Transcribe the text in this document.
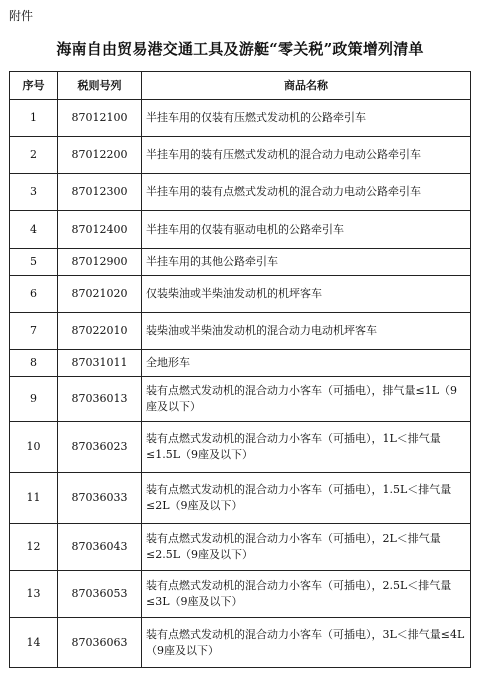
附件
海南自由贸易港交通工具及游艇“零关税”政策增列清单
序号	税则号列	商品名称
1	87012100	半挂车用的仅装有压燃式发动机的公路牵引车
2	87012200	半挂车用的装有压燃式发动机的混合动力电动公路牵引车
3	87012300	半挂车用的装有点燃式发动机的混合动力电动公路牵引车
4	87012400	半挂车用的仅装有驱动电机的公路牵引车
5	87012900	半挂车用的其他公路牵引车
6	87021020	仅装柴油或半柴油发动机的机坪客车
7	87022010	装柴油或半柴油发动机的混合动力电动机坪客车
8	87031011	全地形车
9	87036013	装有点燃式发动机的混合动力小客车（可插电），排气量≤1L（9座及以下）
10	87036023	装有点燃式发动机的混合动力小客车（可插电），1L＜排气量≤1.5L（9座及以下）
11	87036033	装有点燃式发动机的混合动力小客车（可插电），1.5L＜排气量≤2L（9座及以下）
12	87036043	装有点燃式发动机的混合动力小客车（可插电），2L＜排气量≤2.5L（9座及以下）
13	87036053	装有点燃式发动机的混合动力小客车（可插电），2.5L＜排气量≤3L（9座及以下）
14	87036063	装有点燃式发动机的混合动力小客车（可插电），3L＜排气量≤4L（9座及以下）
